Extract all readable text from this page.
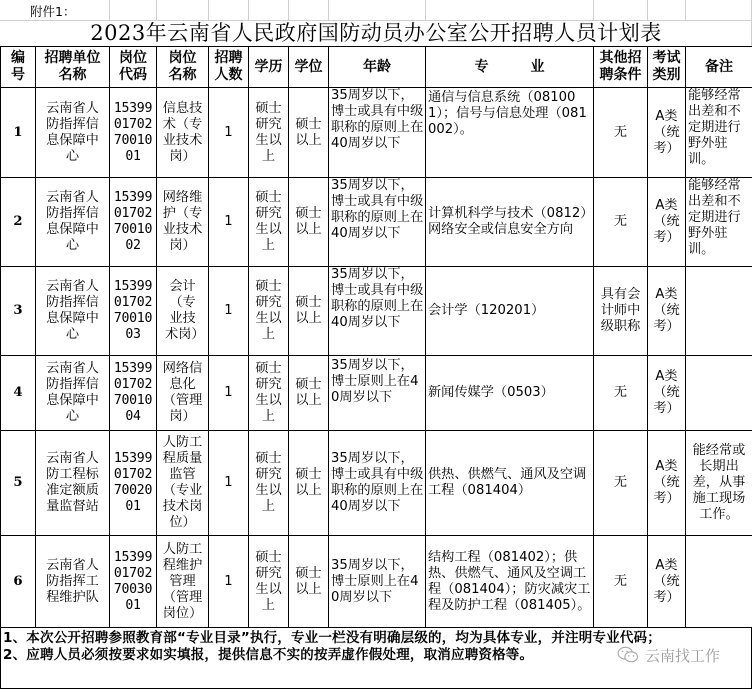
附件1：
2023年云南省人民政府国防动员办公室公开招聘人员计划表
编号	招聘单位名称	岗位代码	岗位名称	招聘人数	学历	学位	年龄	专　　　业	其他招聘条件	考试类别	备注
1	云南省人防指挥信息保障中心	15399017027001001	信息技术（专业技术岗）	1	硕士研究生以上	硕士以上	35周岁以下，博士或具有中级职称的原则上在40周岁以下	通信与信息系统（081001）；信号与信息处理（081002）。	无	A类（统考）	能够经常出差和不定期进行野外驻训。
2	云南省人防指挥信息保障中心	15399017027001002	网络维护（专业技术岗）	1	硕士研究生以上	硕士以上	35周岁以下，博士或具有中级职称的原则上在40周岁以下	计算机科学与技术（0812）网络安全或信息安全方向	无	A类（统考）	能够经常出差和不定期进行野外驻训。
3	云南省人防指挥信息保障中心	15399017027001003	会计（专业技术岗）	1	硕士研究生以上	硕士以上	35周岁以下，博士或具有中级职称的原则上在40周岁以下	会计学（120201）	具有会计师中级职称	A类（统考）	
4	云南省人防指挥信息保障中心	15399017027001004	网络信息化（管理岗）	1	硕士研究生以上	硕士以上	35周岁以下，博士原则上在40周岁以下	新闻传媒学（0503）	无	A类（统考）	
5	云南省人防工程标准定额质量监督站	15399017027002001	人防工程质量监管（专业技术岗位）	1	硕士研究生以上	硕士以上	35周岁以下，博士或具有中级职称的原则上在40周岁以下	供热、供燃气、通风及空调工程（081404）	无	A类（统考）	能经常或长期出差，从事施工现场工作。
6	云南省人防指挥工程维护队	15399017027003001	人防工程维护管理（管理岗位）	1	硕士研究生以上	硕士以上	35周岁以下，博士原则上在40周岁以下	结构工程（081402）；供热、供燃气、通风及空调工程（081404）；防灾减灾工程及防护工程（081405）。	无	A类（统考）	

1、本次公开招聘参照教育部“专业目录”执行，专业一栏没有明确层级的，均为具体专业，并注明专业代码；

2、应聘人员必须按要求如实填报，提供信息不实的按弄虚作假处理，取消应聘资格等。	云南找工作
